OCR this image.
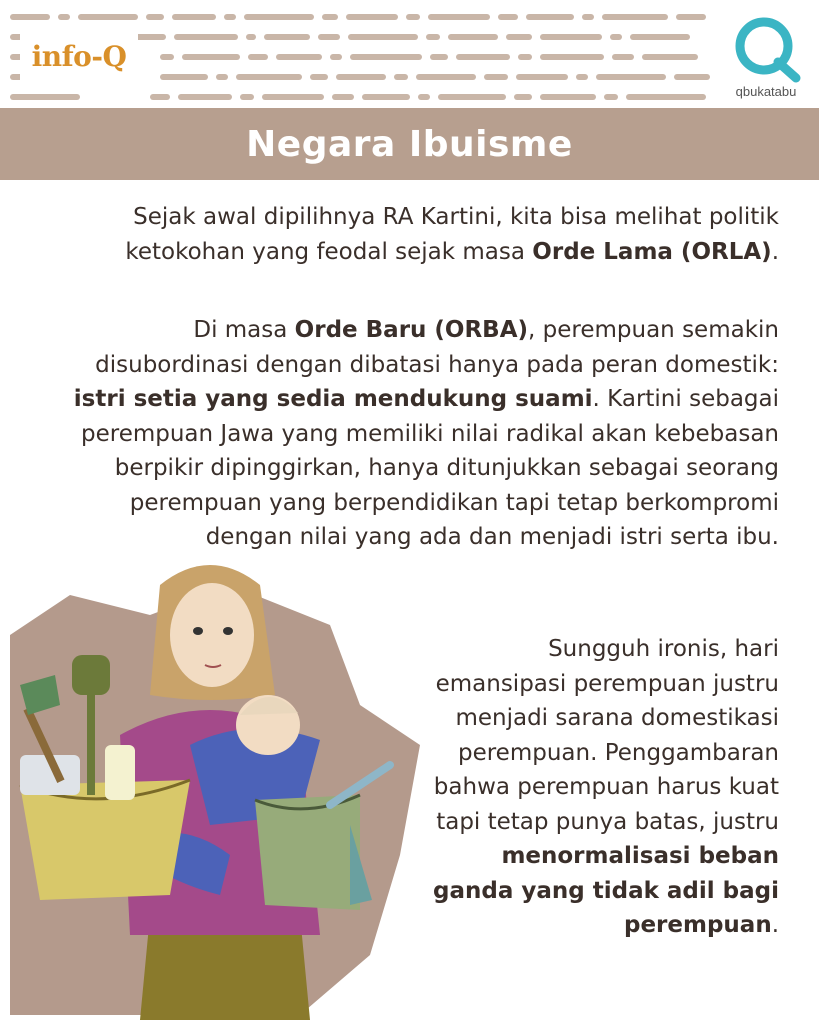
info-Q
qbukatabu
Negara Ibuisme
Sejak awal dipilihnya RA Kartini, kita bisa melihat politik ketokohan yang feodal sejak masa Orde Lama (ORLA).
Di masa Orde Baru (ORBA), perempuan semakin disubordinasi dengan dibatasi hanya pada peran domestik: istri setia yang sedia mendukung suami. Kartini sebagai perempuan Jawa yang memiliki nilai radikal akan kebebasan berpikir dipinggirkan, hanya ditunjukkan sebagai seorang perempuan yang berpendidikan tapi tetap berkompromi dengan nilai yang ada dan menjadi istri serta ibu.
Sungguh ironis, hari emansipasi perempuan justru menjadi sarana domestikasi perempuan. Penggambaran bahwa perempuan harus kuat tapi tetap punya batas, justru menormalisasi beban ganda yang tidak adil bagi perempuan.
